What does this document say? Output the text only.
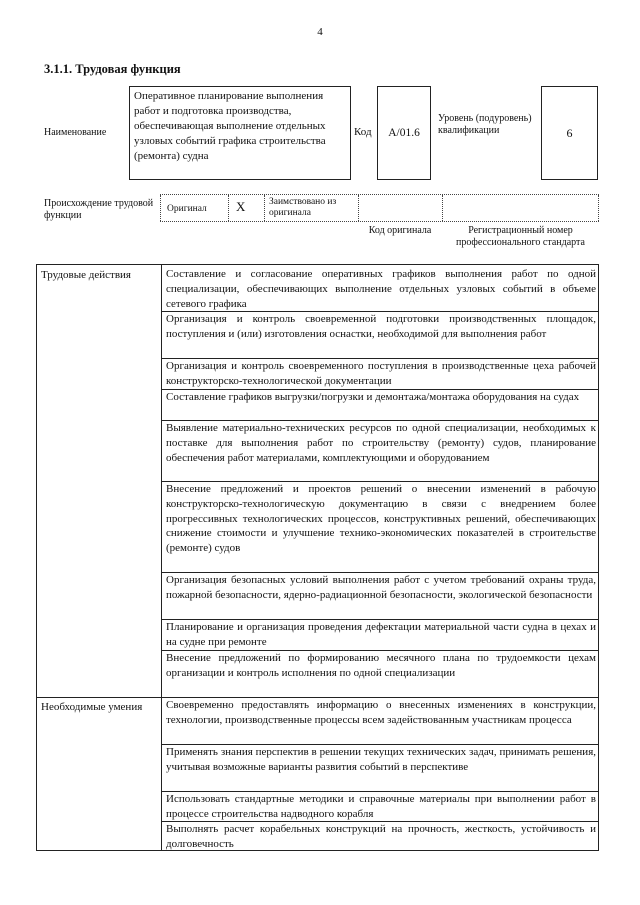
4
3.1.1. Трудовая функция
Наименование
Оперативное планирование выполнения работ и подготовка производства, обеспечивающая выполнение отдельных узловых событий графика строительства (ремонта) судна
Код	А/01.6
Уровень (подуровень) квалификации	6
Происхождение трудовой функции
Оригинал X Заимствовано из оригинала
Код оригинала	Регистрационный номер профессионального стандарта
Трудовые действия	Составление и согласование оперативных графиков выполнения работ по одной специализации, обеспечивающих выполнение отдельных узловых событий в объеме сетевого графика
Организация и контроль своевременной подготовки производственных площадок, поступления и (или) изготовления оснастки, необходимой для выполнения работ
Организация и контроль своевременного поступления в производственные цеха рабочей конструкторско-технологической документации
Составление графиков выгрузки/погрузки и демонтажа/монтажа оборудования на судах
Выявление материально-технических ресурсов по одной специализации, необходимых к поставке для выполнения работ по строительству (ремонту) судов, планирование обеспечения работ материалами, комплектующими и оборудованием
Внесение предложений и проектов решений о внесении изменений в рабочую конструкторско-технологическую документацию в связи с внедрением более прогрессивных технологических процессов, конструктивных решений, обеспечивающих снижение стоимости и улучшение технико-экономических показателей в строительстве (ремонте) судов
Организация безопасных условий выполнения работ с учетом требований охраны труда, пожарной безопасности, ядерно-радиационной безопасности, экологической безопасности
Планирование и организация проведения дефектации материальной части судна в цехах и на судне при ремонте
Внесение предложений по формированию месячного плана по трудоемкости цехам организации и контроль исполнения по одной специализации
Необходимые умения	Своевременно предоставлять информацию о внесенных изменениях в конструкции, технологии, производственные процессы всем задействованным участникам процесса
Применять знания перспектив в решении текущих технических задач, принимать решения, учитывая возможные варианты развития событий в перспективе
Использовать стандартные методики и справочные материалы при выполнении работ в процессе строительства надводного корабля
Выполнять расчет корабельных конструкций на прочность, жесткость, устойчивость и долговечность
